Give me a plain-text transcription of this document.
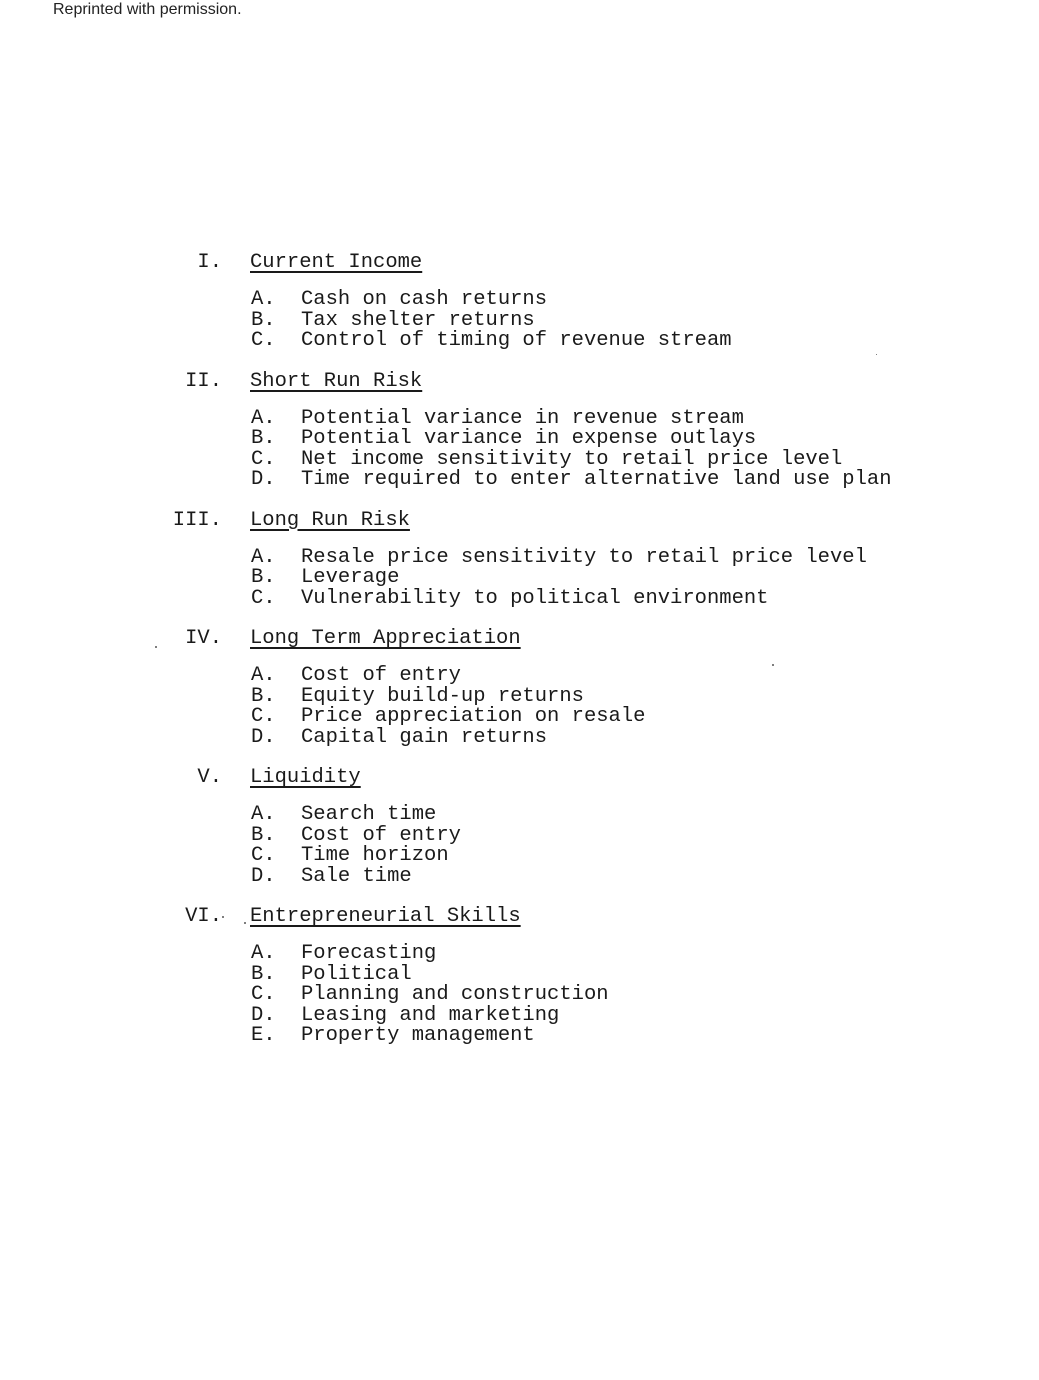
Reprinted with permission.
I. Current Income
A. Cash on cash returns
B. Tax shelter returns
C. Control of timing of revenue stream
II. Short Run Risk
A. Potential variance in revenue stream
B. Potential variance in expense outlays
C. Net income sensitivity to retail price level
D. Time required to enter alternative land use plan
III. Long Run Risk
A. Resale price sensitivity to retail price level
B. Leverage
C. Vulnerability to political environment
IV. Long Term Appreciation
A. Cost of entry
B. Equity build-up returns
C. Price appreciation on resale
D. Capital gain returns
V. Liquidity
A. Search time
B. Cost of entry
C. Time horizon
D. Sale time
VI. Entrepreneurial Skills
A. Forecasting
B. Political
C. Planning and construction
D. Leasing and marketing
E. Property management
